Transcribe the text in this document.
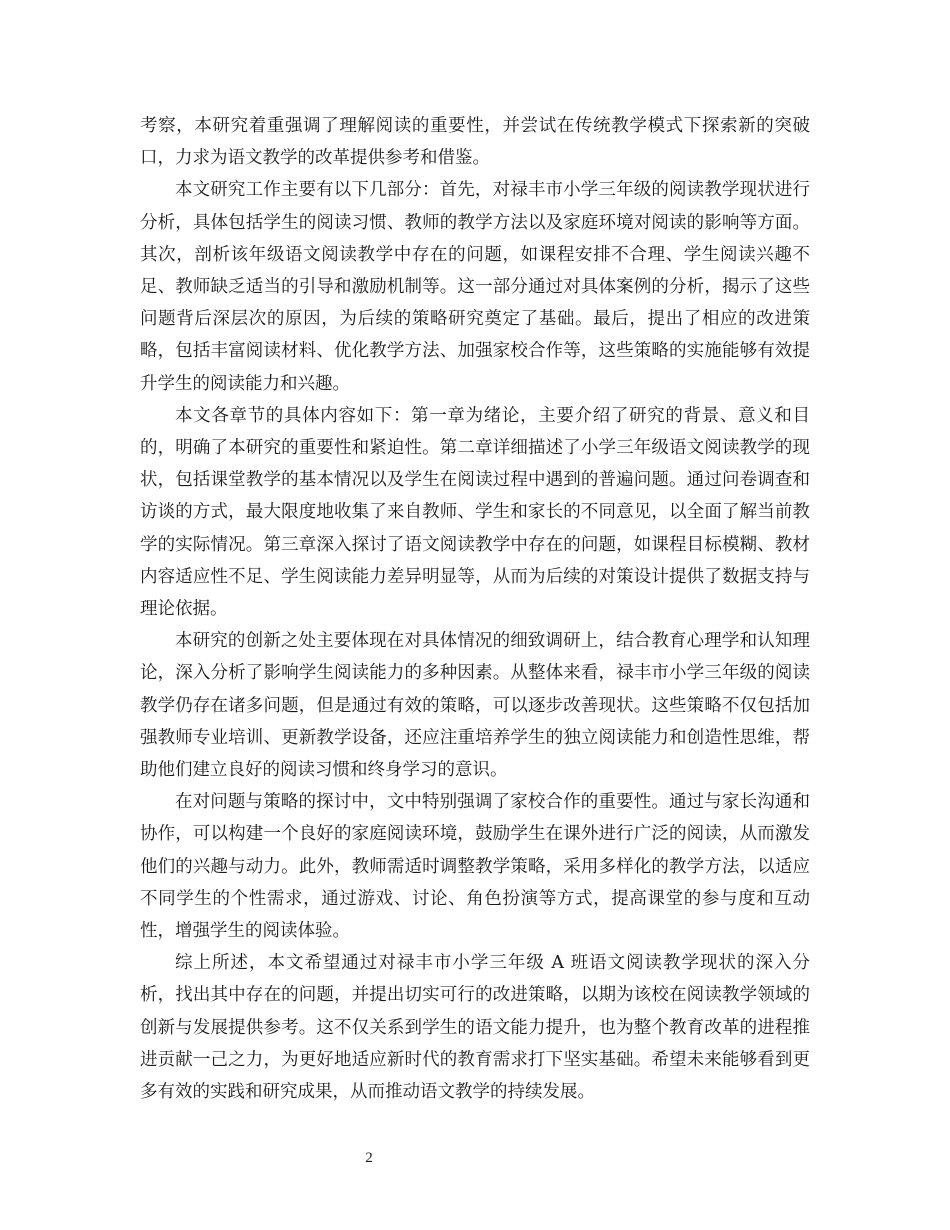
考察，本研究着重强调了理解阅读的重要性，并尝试在传统教学模式下探索新的突破口，力求为语文教学的改革提供参考和借鉴。

本文研究工作主要有以下几部分：首先，对禄丰市小学三年级的阅读教学现状进行分析，具体包括学生的阅读习惯、教师的教学方法以及家庭环境对阅读的影响等方面。其次，剖析该年级语文阅读教学中存在的问题，如课程安排不合理、学生阅读兴趣不足、教师缺乏适当的引导和激励机制等。这一部分通过对具体案例的分析，揭示了这些问题背后深层次的原因，为后续的策略研究奠定了基础。最后，提出了相应的改进策略，包括丰富阅读材料、优化教学方法、加强家校合作等，这些策略的实施能够有效提升学生的阅读能力和兴趣。

本文各章节的具体内容如下：第一章为绪论，主要介绍了研究的背景、意义和目的，明确了本研究的重要性和紧迫性。第二章详细描述了小学三年级语文阅读教学的现状，包括课堂教学的基本情况以及学生在阅读过程中遇到的普遍问题。通过问卷调查和访谈的方式，最大限度地收集了来自教师、学生和家长的不同意见，以全面了解当前教学的实际情况。第三章深入探讨了语文阅读教学中存在的问题，如课程目标模糊、教材内容适应性不足、学生阅读能力差异明显等，从而为后续的对策设计提供了数据支持与理论依据。

本研究的创新之处主要体现在对具体情况的细致调研上，结合教育心理学和认知理论，深入分析了影响学生阅读能力的多种因素。从整体来看，禄丰市小学三年级的阅读教学仍存在诸多问题，但是通过有效的策略，可以逐步改善现状。这些策略不仅包括加强教师专业培训、更新教学设备，还应注重培养学生的独立阅读能力和创造性思维，帮助他们建立良好的阅读习惯和终身学习的意识。

在对问题与策略的探讨中，文中特别强调了家校合作的重要性。通过与家长沟通和协作，可以构建一个良好的家庭阅读环境，鼓励学生在课外进行广泛的阅读，从而激发他们的兴趣与动力。此外，教师需适时调整教学策略，采用多样化的教学方法，以适应不同学生的个性需求，通过游戏、讨论、角色扮演等方式，提高课堂的参与度和互动性，增强学生的阅读体验。

综上所述，本文希望通过对禄丰市小学三年级 A 班语文阅读教学现状的深入分析，找出其中存在的问题，并提出切实可行的改进策略，以期为该校在阅读教学领域的创新与发展提供参考。这不仅关系到学生的语文能力提升，也为整个教育改革的进程推进贡献一己之力，为更好地适应新时代的教育需求打下坚实基础。希望未来能够看到更多有效的实践和研究成果，从而推动语文教学的持续发展。

2
